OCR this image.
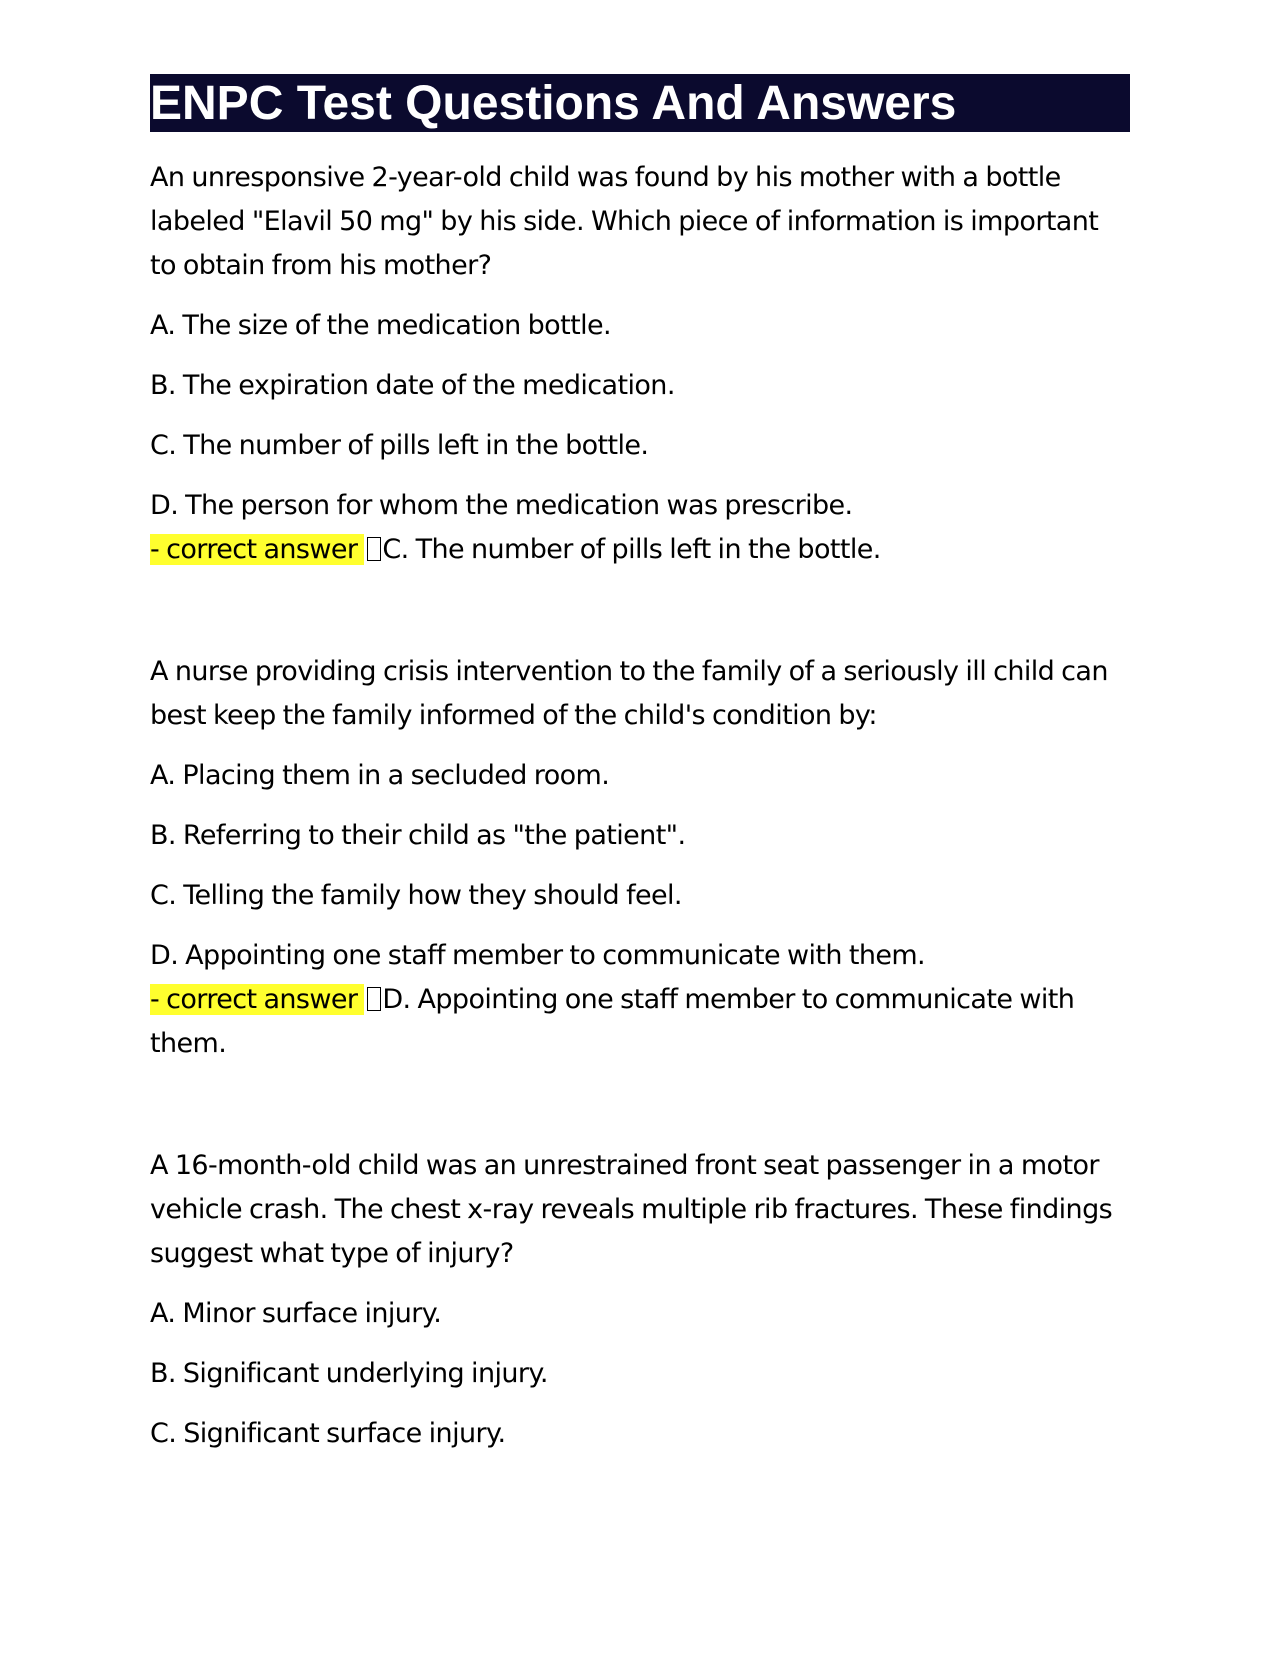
ENPC Test Questions And Answers

An unresponsive 2-year-old child was found by his mother with a bottle labeled "Elavil 50 mg" by his side. Which piece of information is important to obtain from his mother?

A. The size of the medication bottle.

B. The expiration date of the medication.

C. The number of pills left in the bottle.

D. The person for whom the medication was prescribe.

- correct answer C. The number of pills left in the bottle.

A nurse providing crisis intervention to the family of a seriously ill child can best keep the family informed of the child's condition by:

A. Placing them in a secluded room.

B. Referring to their child as "the patient".

C. Telling the family how they should feel.

D. Appointing one staff member to communicate with them.

- correct answer D. Appointing one staff member to communicate with them.

A 16-month-old child was an unrestrained front seat passenger in a motor vehicle crash. The chest x-ray reveals multiple rib fractures. These findings suggest what type of injury?

A. Minor surface injury.

B. Significant underlying injury.

C. Significant surface injury.
